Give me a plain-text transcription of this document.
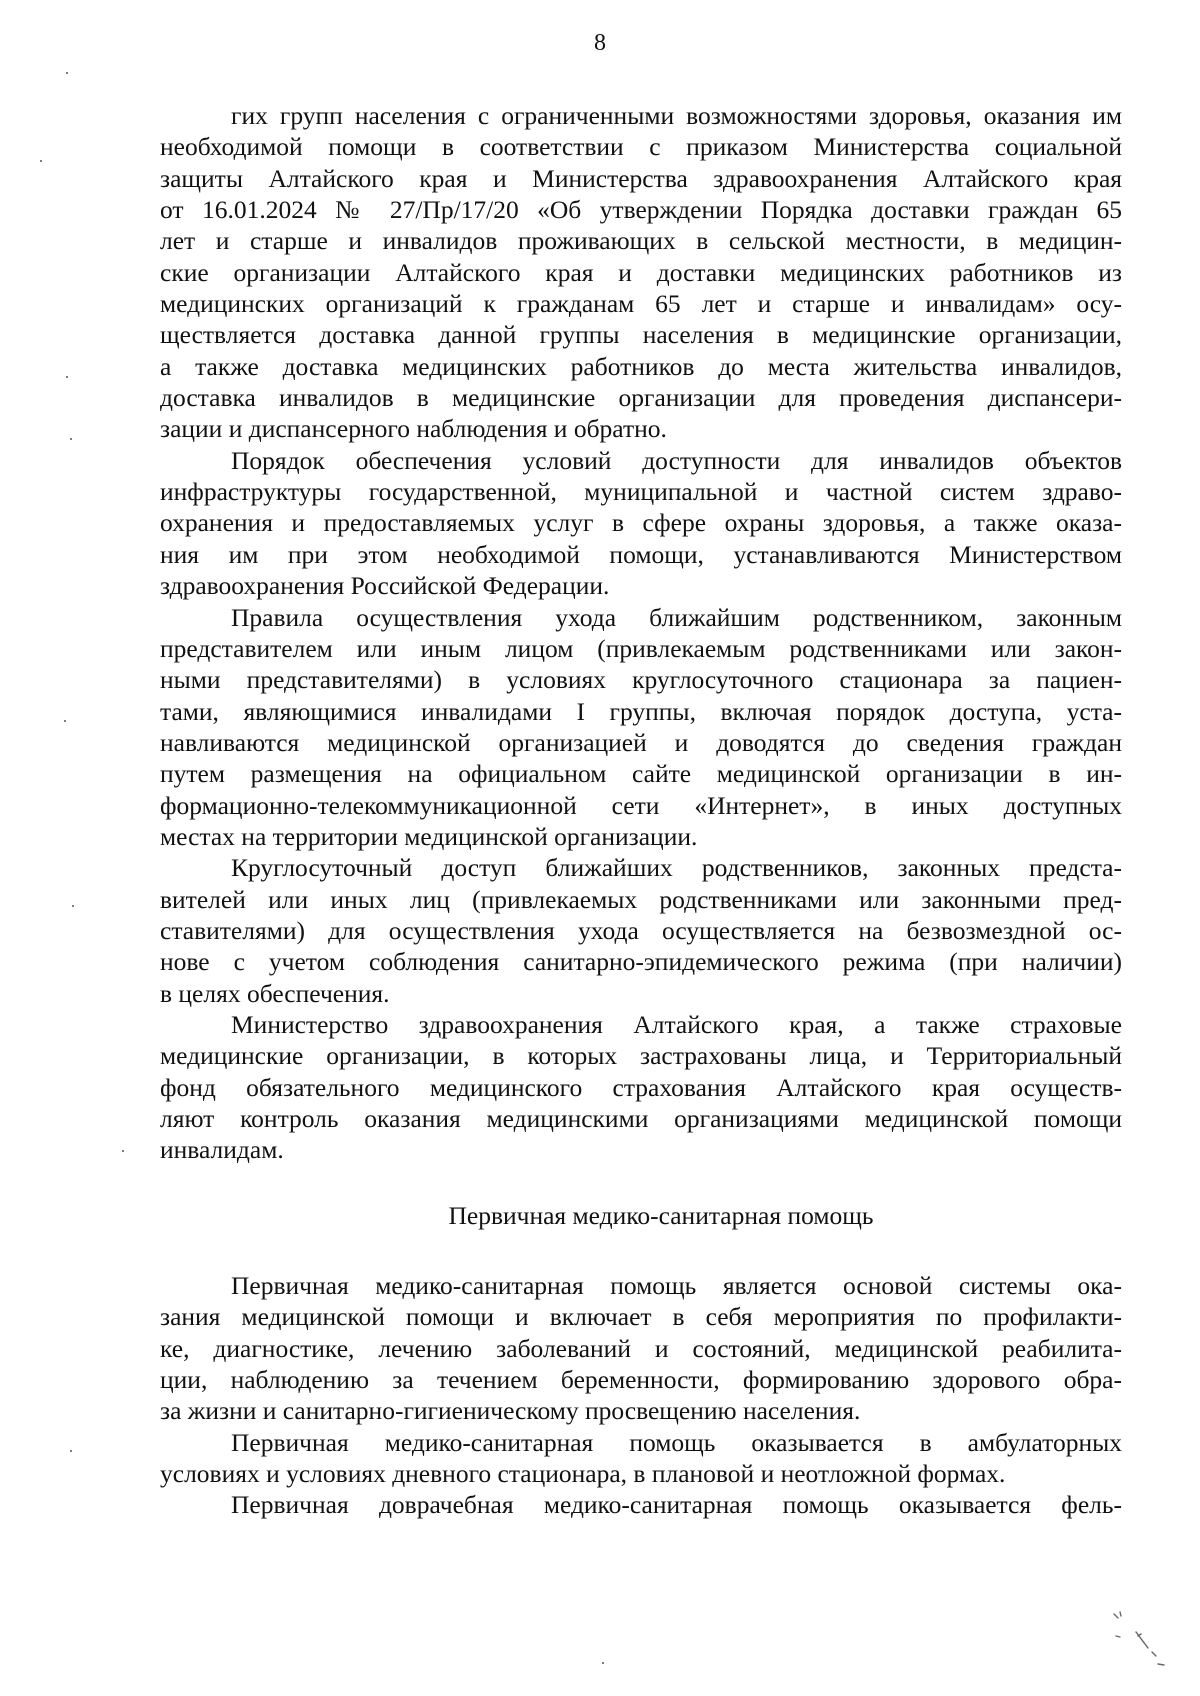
8
гих групп населения с ограниченными возможностями здоровья, оказания им
необходимой помощи в соответствии с приказом Министерства социальной
защиты Алтайского края и Министерства здравоохранения Алтайского края
от 16.01.2024 № 27/Пр/17/20 «Об утверждении Порядка доставки граждан 65
лет и старше и инвалидов проживающих в сельской местности, в медицин-
ские организации Алтайского края и доставки медицинских работников из
медицинских организаций к гражданам 65 лет и старше и инвалидам» осу-
ществляется доставка данной группы населения в медицинские организации,
а также доставка медицинских работников до места жительства инвалидов,
доставка инвалидов в медицинские организации для проведения диспансери-
зации и диспансерного наблюдения и обратно.
Порядок обеспечения условий доступности для инвалидов объектов
инфраструктуры государственной, муниципальной и частной систем здраво-
охранения и предоставляемых услуг в сфере охраны здоровья, а также оказа-
ния им при этом необходимой помощи, устанавливаются Министерством
здравоохранения Российской Федерации.
Правила осуществления ухода ближайшим родственником, законным
представителем или иным лицом (привлекаемым родственниками или закон-
ными представителями) в условиях круглосуточного стационара за пациен-
тами, являющимися инвалидами I группы, включая порядок доступа, уста-
навливаются медицинской организацией и доводятся до сведения граждан
путем размещения на официальном сайте медицинской организации в ин-
формационно-телекоммуникационной сети «Интернет», в иных доступных
местах на территории медицинской организации.
Круглосуточный доступ ближайших родственников, законных предста-
вителей или иных лиц (привлекаемых родственниками или законными пред-
ставителями) для осуществления ухода осуществляется на безвозмездной ос-
нове с учетом соблюдения санитарно-эпидемического режима (при наличии)
в целях обеспечения.
Министерство здравоохранения Алтайского края, а также страховые
медицинские организации, в которых застрахованы лица, и Территориальный
фонд обязательного медицинского страхования Алтайского края осуществ-
ляют контроль оказания медицинскими организациями медицинской помощи
инвалидам.
Первичная медико-санитарная помощь
Первичная медико-санитарная помощь является основой системы ока-
зания медицинской помощи и включает в себя мероприятия по профилакти-
ке, диагностике, лечению заболеваний и состояний, медицинской реабилита-
ции, наблюдению за течением беременности, формированию здорового обра-
за жизни и санитарно-гигиеническому просвещению населения.
Первичная медико-санитарная помощь оказывается в амбулаторных
условиях и условиях дневного стационара, в плановой и неотложной формах.
Первичная доврачебная медико-санитарная помощь оказывается фель-
